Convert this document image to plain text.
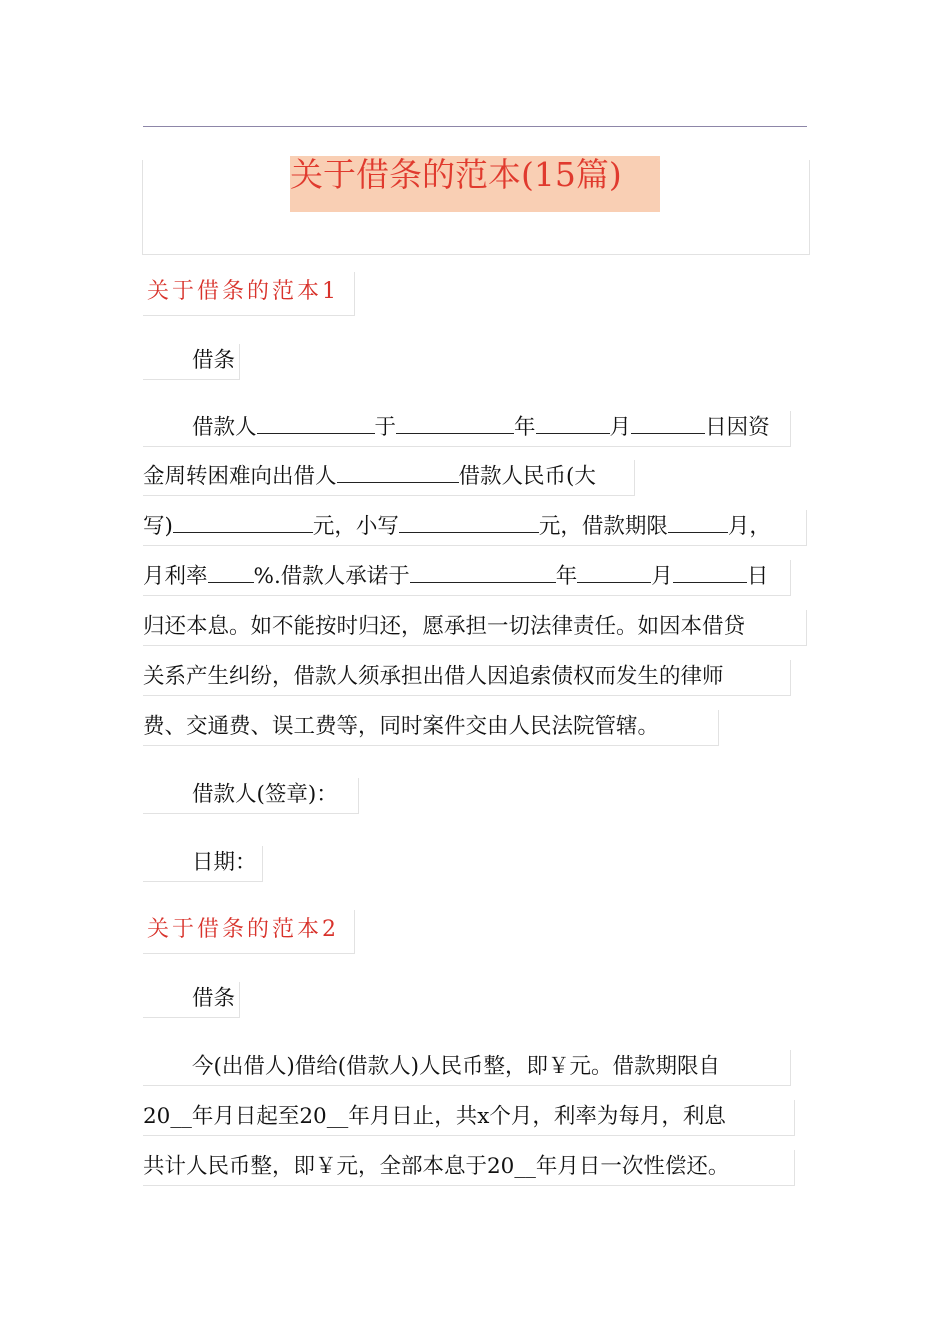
关于借条的范本(15篇)
关于借条的范本1
借条
借款人	于	年	月	日因资
金周转困难向出借人	借款人民币(大
写)	元，小写	元，借款期限	月，
月利率 %.借款人承诺于	年	月	日
归还本息。如不能按时归还，愿承担一切法律责任。如因本借贷
关系产生纠纷，借款人须承担出借人因追索债权而发生的律师
费、交通费、误工费等，同时案件交由人民法院管辖。
借款人(签章)：
日期：
关于借条的范本2
借条
今(出借人)借给(借款人)人民币整，即￥元。借款期限自
20__年月日起至20__年月日止，共x个月，利率为每月，利息
共计人民币整，即￥元，全部本息于20__年月日一次性偿还。
